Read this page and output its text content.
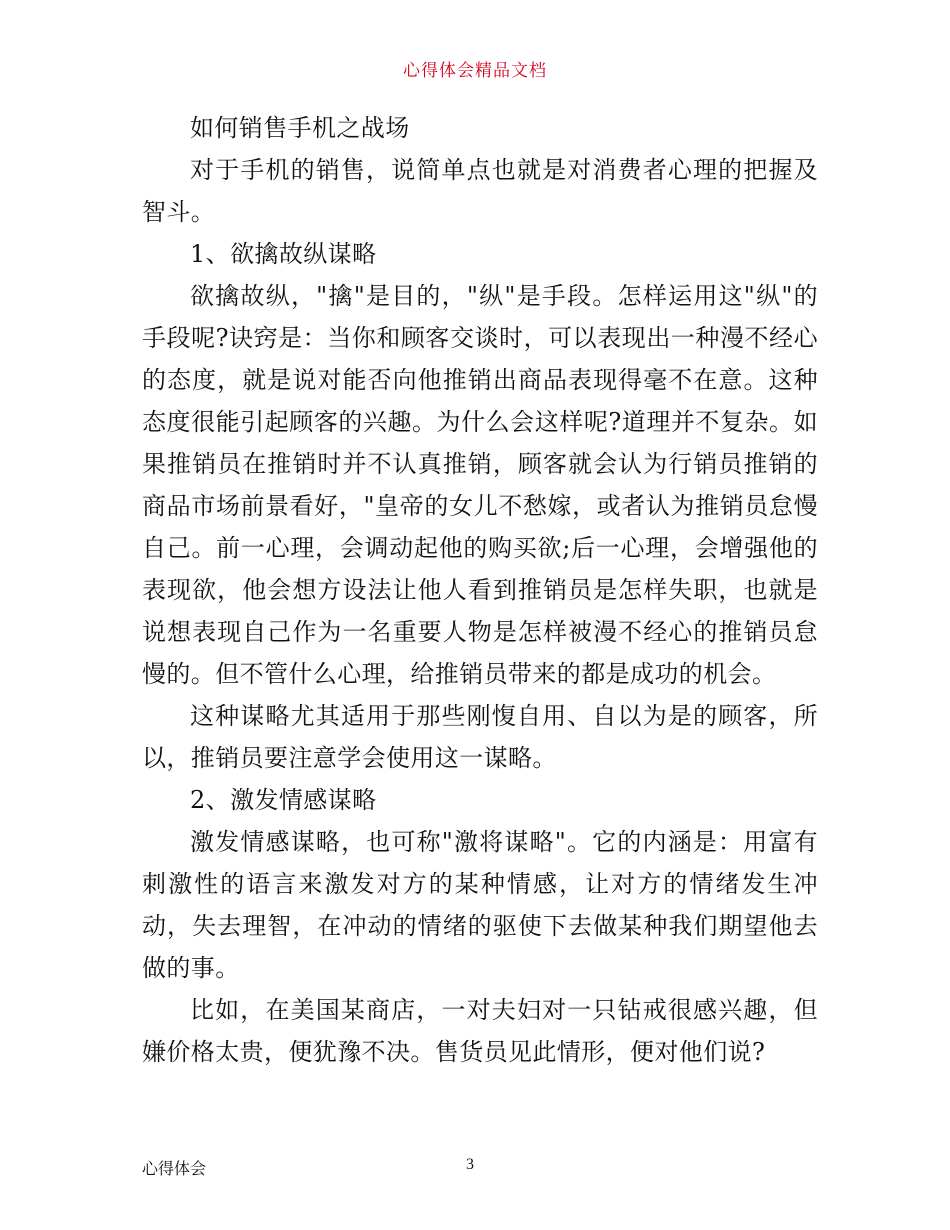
心得体会精品文档

如何销售手机之战场

对于手机的销售，说简单点也就是对消费者心理的把握及智斗。

1、欲擒故纵谋略

欲擒故纵，"擒"是目的，"纵"是手段。怎样运用这"纵"的手段呢?诀窍是：当你和顾客交谈时，可以表现出一种漫不经心的态度，就是说对能否向他推销出商品表现得毫不在意。这种态度很能引起顾客的兴趣。为什么会这样呢?道理并不复杂。如果推销员在推销时并不认真推销，顾客就会认为行销员推销的商品市场前景看好，"皇帝的女儿不愁嫁，或者认为推销员怠慢自己。前一心理，会调动起他的购买欲;后一心理，会增强他的表现欲，他会想方设法让他人看到推销员是怎样失职，也就是说想表现自己作为一名重要人物是怎样被漫不经心的推销员怠慢的。但不管什么心理，给推销员带来的都是成功的机会。

这种谋略尤其适用于那些刚愎自用、自以为是的顾客，所以，推销员要注意学会使用这一谋略。

2、激发情感谋略

激发情感谋略，也可称"激将谋略"。它的内涵是：用富有刺激性的语言来激发对方的某种情感，让对方的情绪发生冲动，失去理智，在冲动的情绪的驱使下去做某种我们期望他去做的事。

比如，在美国某商店，一对夫妇对一只钻戒很感兴趣，但嫌价格太贵，便犹豫不决。售货员见此情形，便对他们说?

心得体会	3
